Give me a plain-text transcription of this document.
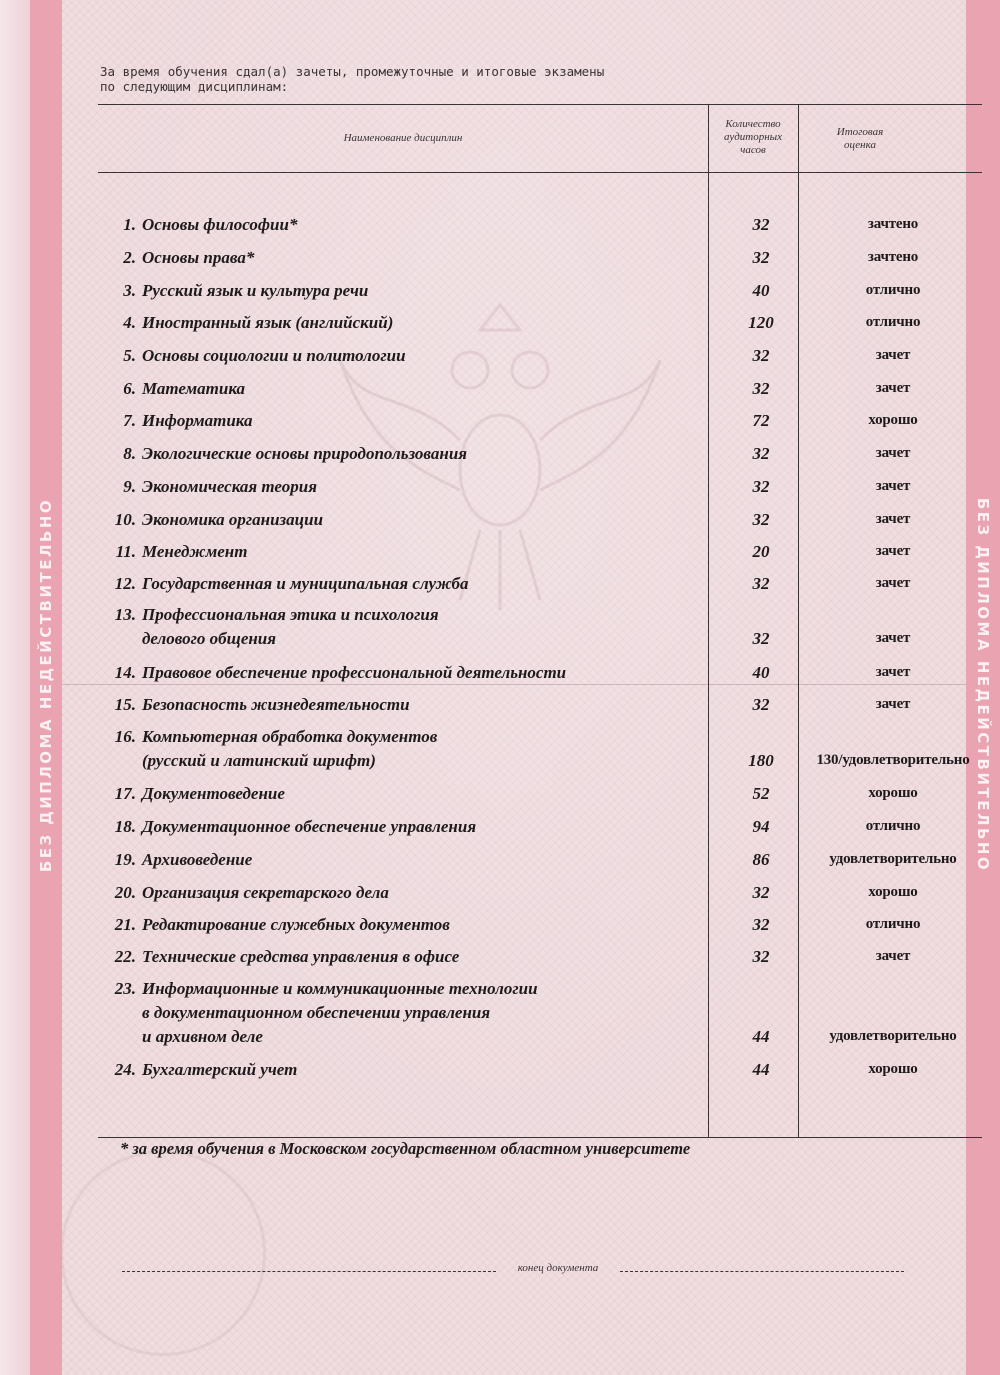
БЕЗ ДИПЛОМА НЕДЕЙСТВИТЕЛЬНО	БЕЗ ДИПЛОМА НЕДЕЙСТВИТЕЛЬНО

За время обучения сдал(а) зачеты, промежуточные и итоговые экзамены
по следующим дисциплинам:

Наименование дисциплин
Количество
аудиторных
часов
Итоговая
оценка
1. Основы философии*	32	зачтено
2. Основы права*	32	зачтено
3. Русский язык и культура речи	40	отлично
4. Иностранный язык (английский)	120	отлично
5. Основы социологии и политологии	32	зачет
6. Математика	32	зачет
7. Информатика	72	хорошо
8. Экологические основы природопользования	32	зачет
9. Экономическая теория	32	зачет
10. Экономика организации	32	зачет
11. Менеджмент	20	зачет
12. Государственная и муниципальная служба	32	зачет
13. Профессиональная этика и психология
делового общения	32	зачет
14. Правовое обеспечение профессиональной деятельности	40	зачет
15. Безопасность жизнедеятельности	32	зачет
16. Компьютерная обработка документов
(русский и латинский шрифт)	180	130/удовлетворительно
17. Документоведение	52	хорошо
18. Документационное обеспечение управления	94	отлично
19. Архивоведение	86	удовлетворительно
20. Организация секретарского дела	32	хорошо
21. Редактирование служебных документов	32	отлично
22. Технические средства управления в офисе	32	зачет
23. Информационные и коммуникационные технологии
в документационном обеспечении управления
и архивном деле	44	удовлетворительно
24. Бухгалтерский учет	44	хорошо
* за время обучения в Московском государственном областном университете
конец документа
